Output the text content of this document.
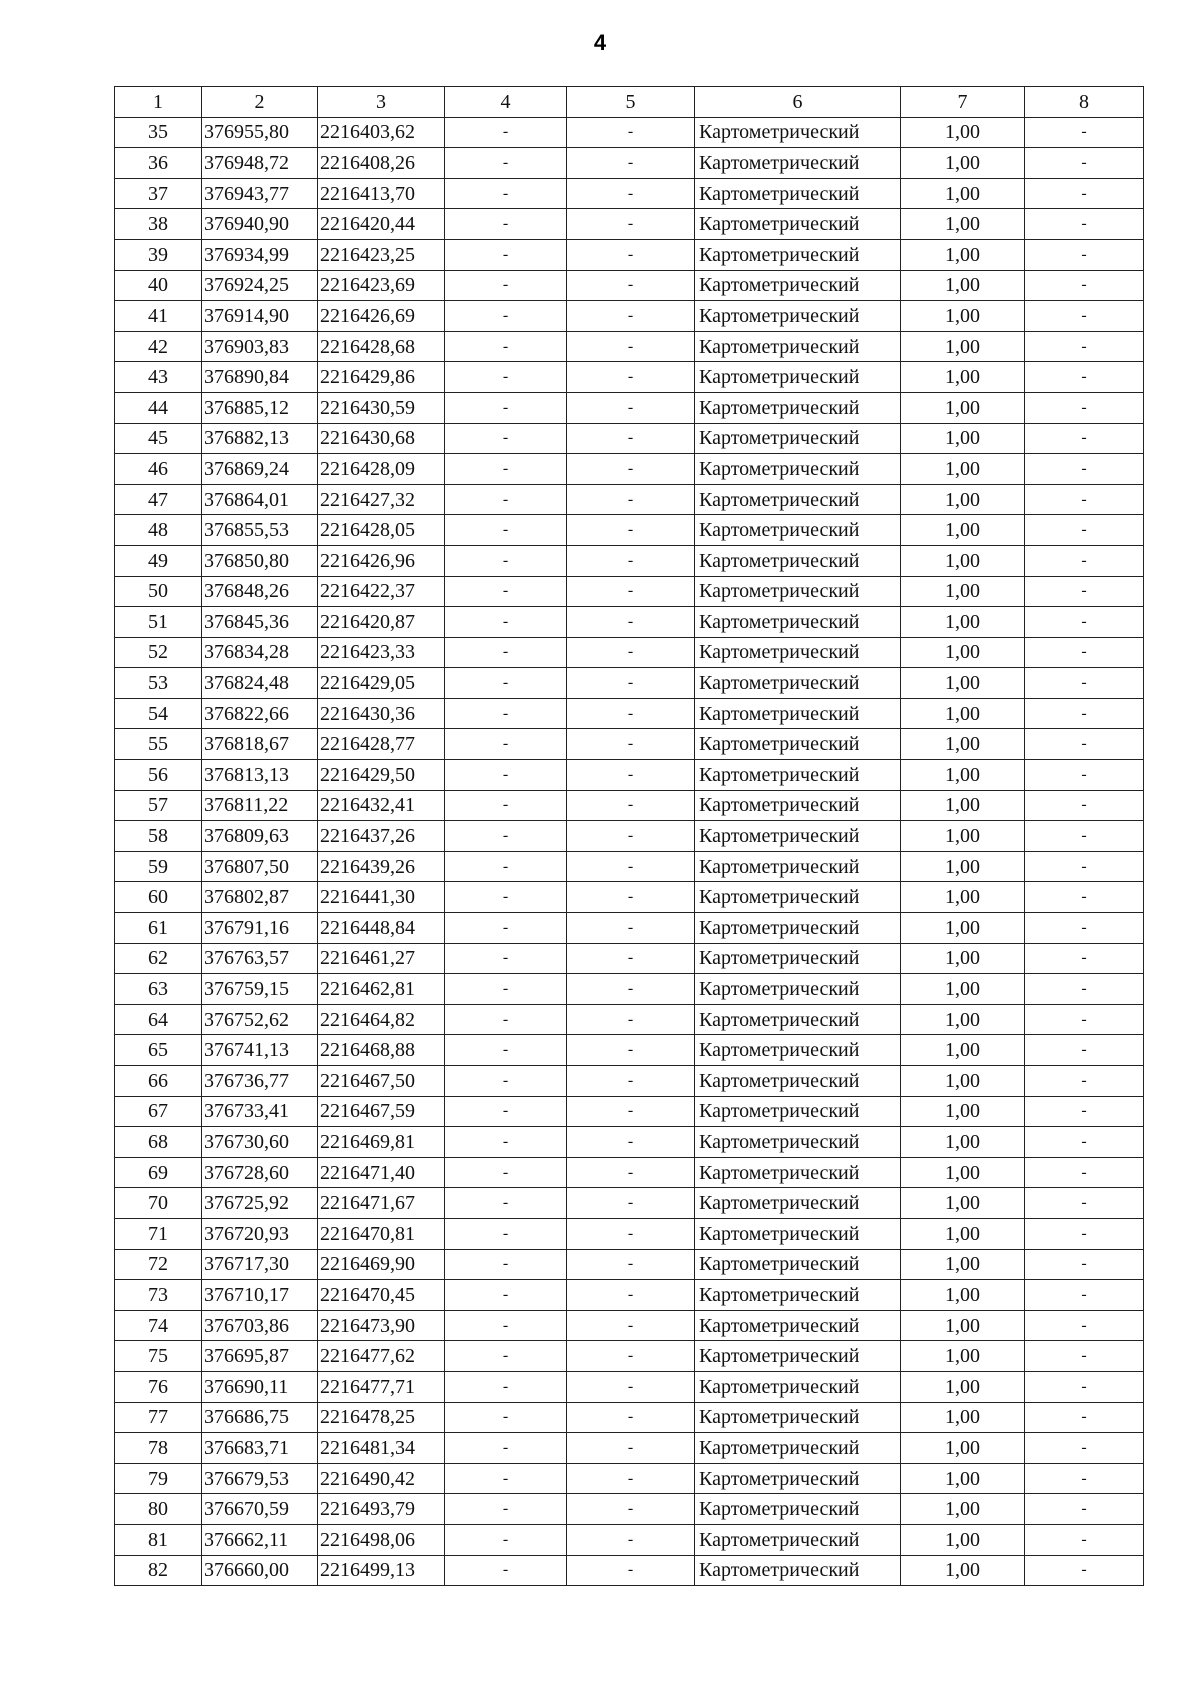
4
1	2	3	4	5	6	7	8
35	376955,80	2216403,62	-	-	Картометрический	1,00	-
36	376948,72	2216408,26	-	-	Картометрический	1,00	-
37	376943,77	2216413,70	-	-	Картометрический	1,00	-
38	376940,90	2216420,44	-	-	Картометрический	1,00	-
39	376934,99	2216423,25	-	-	Картометрический	1,00	-
40	376924,25	2216423,69	-	-	Картометрический	1,00	-
41	376914,90	2216426,69	-	-	Картометрический	1,00	-
42	376903,83	2216428,68	-	-	Картометрический	1,00	-
43	376890,84	2216429,86	-	-	Картометрический	1,00	-
44	376885,12	2216430,59	-	-	Картометрический	1,00	-
45	376882,13	2216430,68	-	-	Картометрический	1,00	-
46	376869,24	2216428,09	-	-	Картометрический	1,00	-
47	376864,01	2216427,32	-	-	Картометрический	1,00	-
48	376855,53	2216428,05	-	-	Картометрический	1,00	-
49	376850,80	2216426,96	-	-	Картометрический	1,00	-
50	376848,26	2216422,37	-	-	Картометрический	1,00	-
51	376845,36	2216420,87	-	-	Картометрический	1,00	-
52	376834,28	2216423,33	-	-	Картометрический	1,00	-
53	376824,48	2216429,05	-	-	Картометрический	1,00	-
54	376822,66	2216430,36	-	-	Картометрический	1,00	-
55	376818,67	2216428,77	-	-	Картометрический	1,00	-
56	376813,13	2216429,50	-	-	Картометрический	1,00	-
57	376811,22	2216432,41	-	-	Картометрический	1,00	-
58	376809,63	2216437,26	-	-	Картометрический	1,00	-
59	376807,50	2216439,26	-	-	Картометрический	1,00	-
60	376802,87	2216441,30	-	-	Картометрический	1,00	-
61	376791,16	2216448,84	-	-	Картометрический	1,00	-
62	376763,57	2216461,27	-	-	Картометрический	1,00	-
63	376759,15	2216462,81	-	-	Картометрический	1,00	-
64	376752,62	2216464,82	-	-	Картометрический	1,00	-
65	376741,13	2216468,88	-	-	Картометрический	1,00	-
66	376736,77	2216467,50	-	-	Картометрический	1,00	-
67	376733,41	2216467,59	-	-	Картометрический	1,00	-
68	376730,60	2216469,81	-	-	Картометрический	1,00	-
69	376728,60	2216471,40	-	-	Картометрический	1,00	-
70	376725,92	2216471,67	-	-	Картометрический	1,00	-
71	376720,93	2216470,81	-	-	Картометрический	1,00	-
72	376717,30	2216469,90	-	-	Картометрический	1,00	-
73	376710,17	2216470,45	-	-	Картометрический	1,00	-
74	376703,86	2216473,90	-	-	Картометрический	1,00	-
75	376695,87	2216477,62	-	-	Картометрический	1,00	-
76	376690,11	2216477,71	-	-	Картометрический	1,00	-
77	376686,75	2216478,25	-	-	Картометрический	1,00	-
78	376683,71	2216481,34	-	-	Картометрический	1,00	-
79	376679,53	2216490,42	-	-	Картометрический	1,00	-
80	376670,59	2216493,79	-	-	Картометрический	1,00	-
81	376662,11	2216498,06	-	-	Картометрический	1,00	-
82	376660,00	2216499,13	-	-	Картометрический	1,00	-
